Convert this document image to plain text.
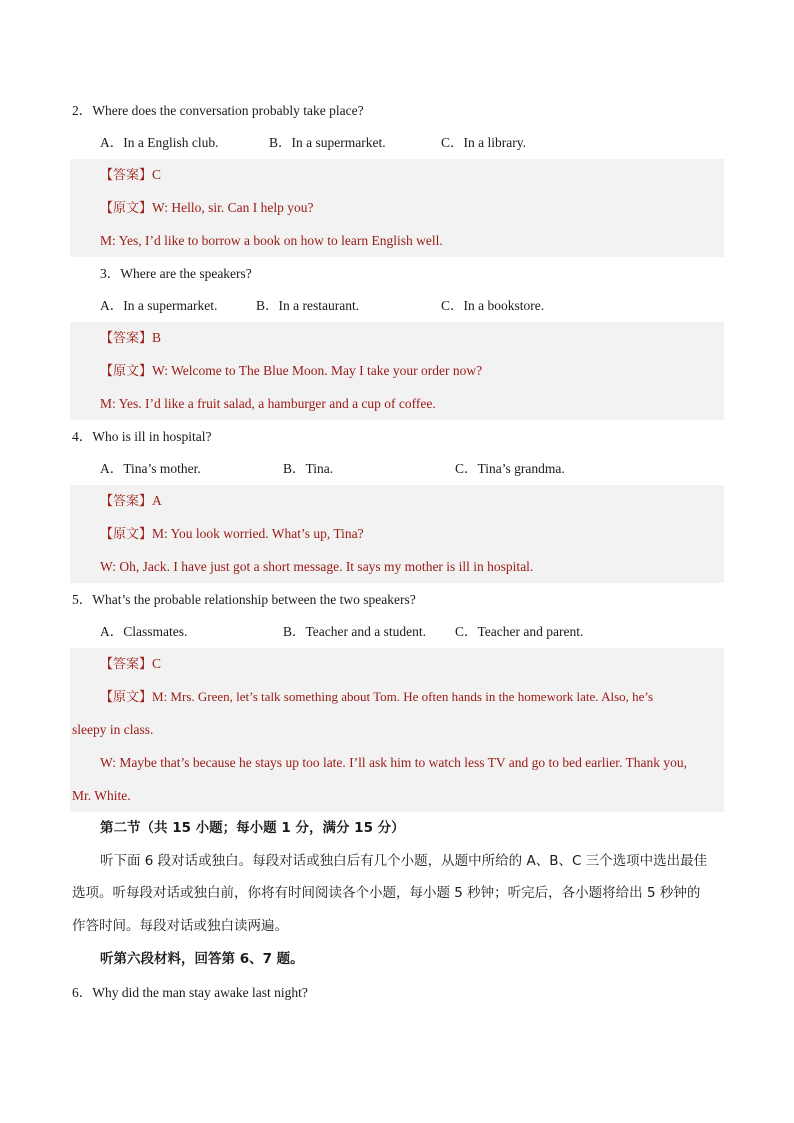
2．Where does the conversation probably take place?
A．In a English club.	B．In a supermarket.	C．In a library.
【答案】C
【原文】W: Hello, sir. Can I help you?
M: Yes, I’d like to borrow a book on how to learn English well.
3．Where are the speakers?
A．In a supermarket.	B．In a restaurant.	C．In a bookstore.
【答案】B
【原文】W: Welcome to The Blue Moon. May I take your order now?
M: Yes. I’d like a fruit salad, a hamburger and a cup of coffee.
4．Who is ill in hospital?
A．Tina’s mother.	B．Tina.	C．Tina’s grandma.
【答案】A
【原文】M: You look worried. What’s up, Tina?
W: Oh, Jack. I have just got a short message. It says my mother is ill in hospital.
5．What’s the probable relationship between the two speakers?
A．Classmates.	B．Teacher and a student. C．Teacher and parent.
【答案】C
【原文】M: Mrs. Green, let’s talk something about Tom. He often hands in the homework late. Also, he’s
sleepy in class.
W: Maybe that’s because he stays up too late. I’ll ask him to watch less TV and go to bed earlier. Thank you,
Mr. White.
第二节（共 15 小题；每小题 1 分，满分 15 分）
听下面 6 段对话或独白。每段对话或独白后有几个小题，从题中所给的 A、B、C 三个选项中选出最佳
选项。听每段对话或独白前，你将有时间阅读各个小题，每小题 5 秒钟；听完后，各小题将给出 5 秒钟的
作答时间。每段对话或独白读两遍。
听第六段材料，回答第 6、7 题。
6．Why did the man stay awake last night?
